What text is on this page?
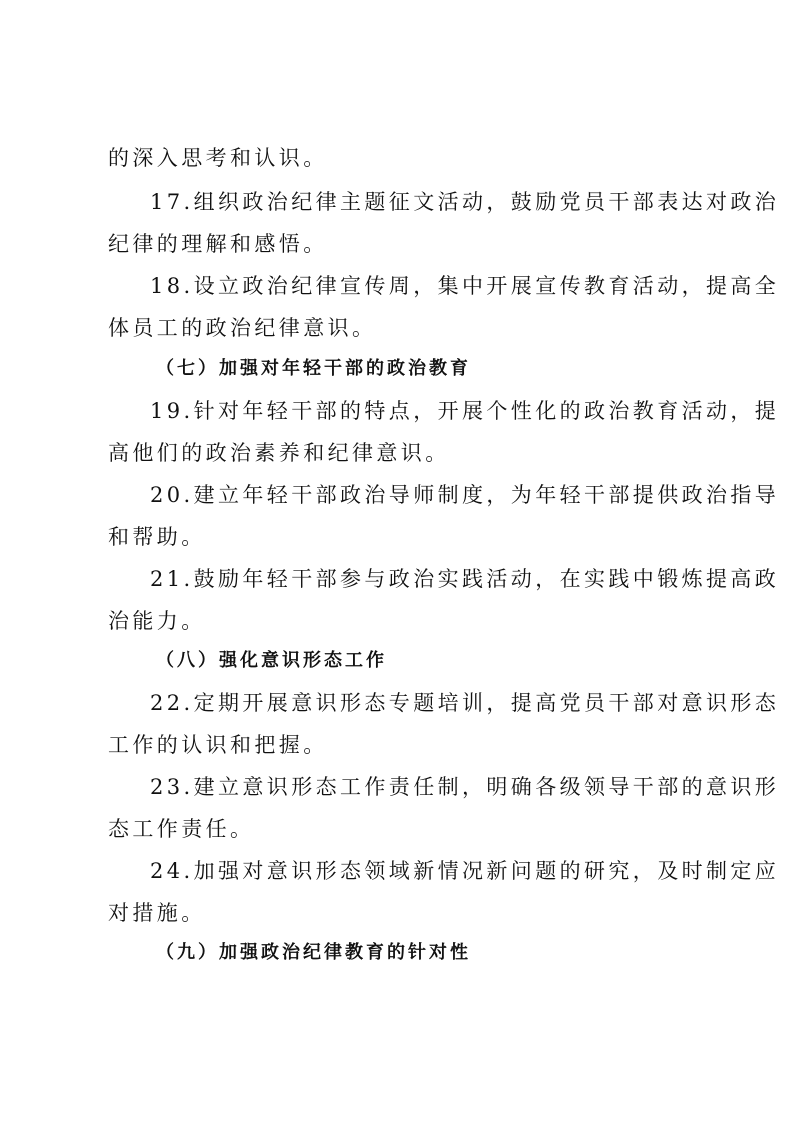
的深入思考和认识。
17.组织政治纪律主题征文活动，鼓励党员干部表达对政治
纪律的理解和感悟。
18.设立政治纪律宣传周，集中开展宣传教育活动，提高全
体员工的政治纪律意识。
（七）加强对年轻干部的政治教育
19.针对年轻干部的特点，开展个性化的政治教育活动，提
高他们的政治素养和纪律意识。
20.建立年轻干部政治导师制度，为年轻干部提供政治指导
和帮助。
21.鼓励年轻干部参与政治实践活动，在实践中锻炼提高政
治能力。
（八）强化意识形态工作
22.定期开展意识形态专题培训，提高党员干部对意识形态
工作的认识和把握。
23.建立意识形态工作责任制，明确各级领导干部的意识形
态工作责任。
24.加强对意识形态领域新情况新问题的研究，及时制定应
对措施。
（九）加强政治纪律教育的针对性
